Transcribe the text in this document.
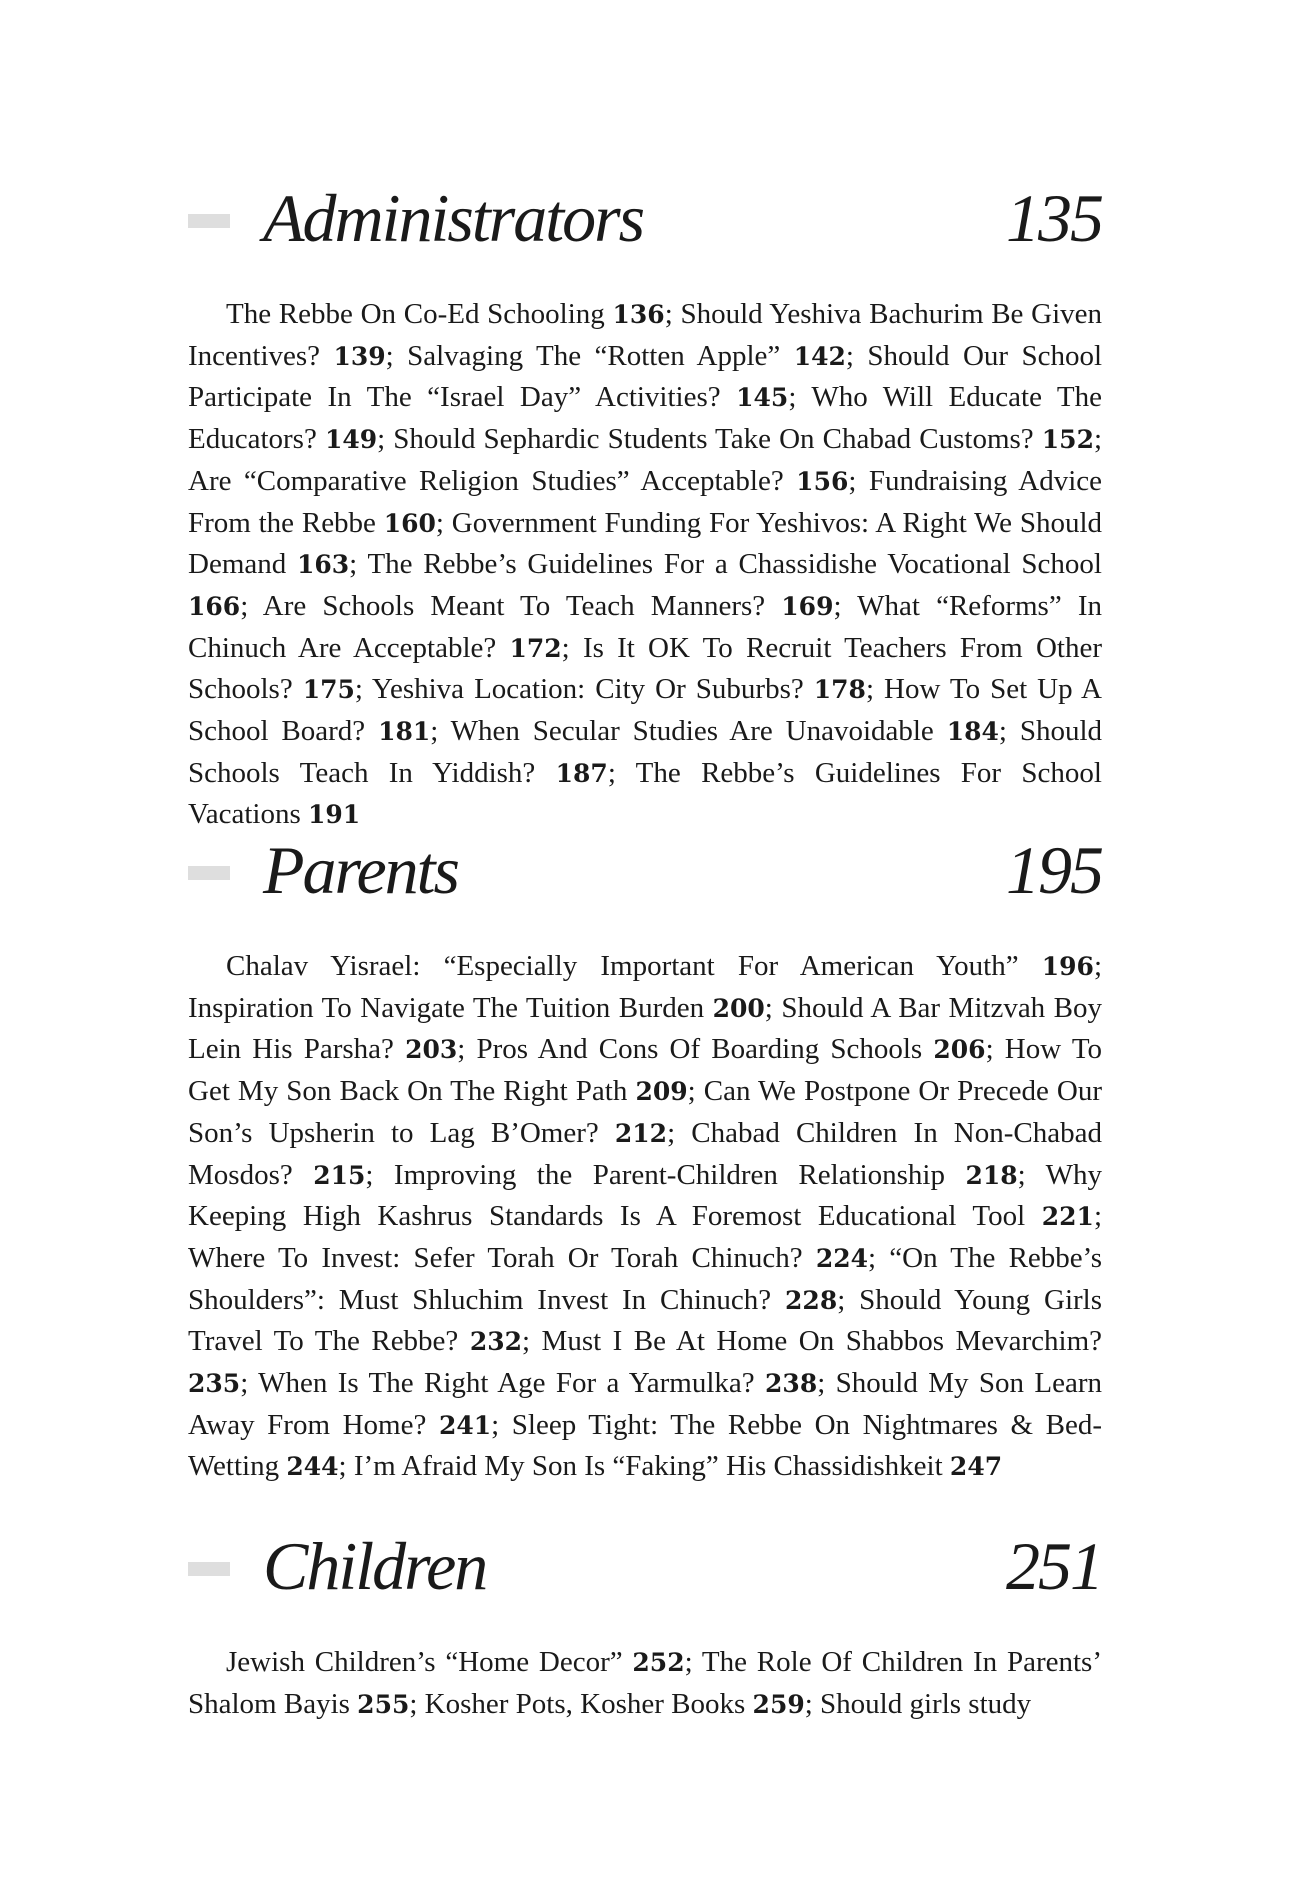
Administrators	135

The Rebbe On Co-Ed Schooling 136; Should Yeshiva Bachurim Be Given Incentives? 139; Salvaging The “Rotten Apple” 142; Should Our School Participate In The “Israel Day” Activities? 145; Who Will Educate The Educators? 149; Should Sephardic Students Take On Chabad Customs? 152; Are “Comparative Religion Studies” Acceptable? 156; Fundraising Advice From the Rebbe 160; Government Funding For Yeshivos: A Right We Should Demand 163; The Rebbe’s Guidelines For a Chassidishe Vocational School 166; Are Schools Meant To Teach Manners? 169; What “Reforms” In Chinuch Are Acceptable? 172; Is It OK To Recruit Teachers From Other Schools? 175; Yeshiva Location: City Or Suburbs? 178; How To Set Up A School Board? 181; When Secular Studies Are Unavoidable 184; Should Schools Teach In Yiddish? 187; The Rebbe’s Guidelines For School Vacations 191

Parents	195

Chalav Yisrael: “Especially Important For American Youth” 196; Inspiration To Navigate The Tuition Burden 200; Should A Bar Mitzvah Boy Lein His Parsha? 203; Pros And Cons Of Boarding Schools 206; How To Get My Son Back On The Right Path 209; Can We Postpone Or Precede Our Son’s Upsherin to Lag B’Omer? 212; Chabad Children In Non-Chabad Mosdos? 215; Improving the Parent-Children Relationship 218; Why Keeping High Kashrus Standards Is A Foremost Educational Tool 221; Where To Invest: Sefer Torah Or Torah Chinuch? 224; “On The Rebbe’s Shoulders”: Must Shluchim Invest In Chinuch? 228; Should Young Girls Travel To The Rebbe? 232; Must I Be At Home On Shabbos Mevarchim? 235; When Is The Right Age For a Yarmulka? 238; Should My Son Learn Away From Home? 241; Sleep Tight: The Rebbe On Nightmares & Bed-Wetting 244; I’m Afraid My Son Is “Faking” His Chassidishkeit 247

Children	251

Jewish Children’s “Home Decor” 252; The Role Of Children In Parents’ Shalom Bayis 255; Kosher Pots, Kosher Books 259; Should girls study
